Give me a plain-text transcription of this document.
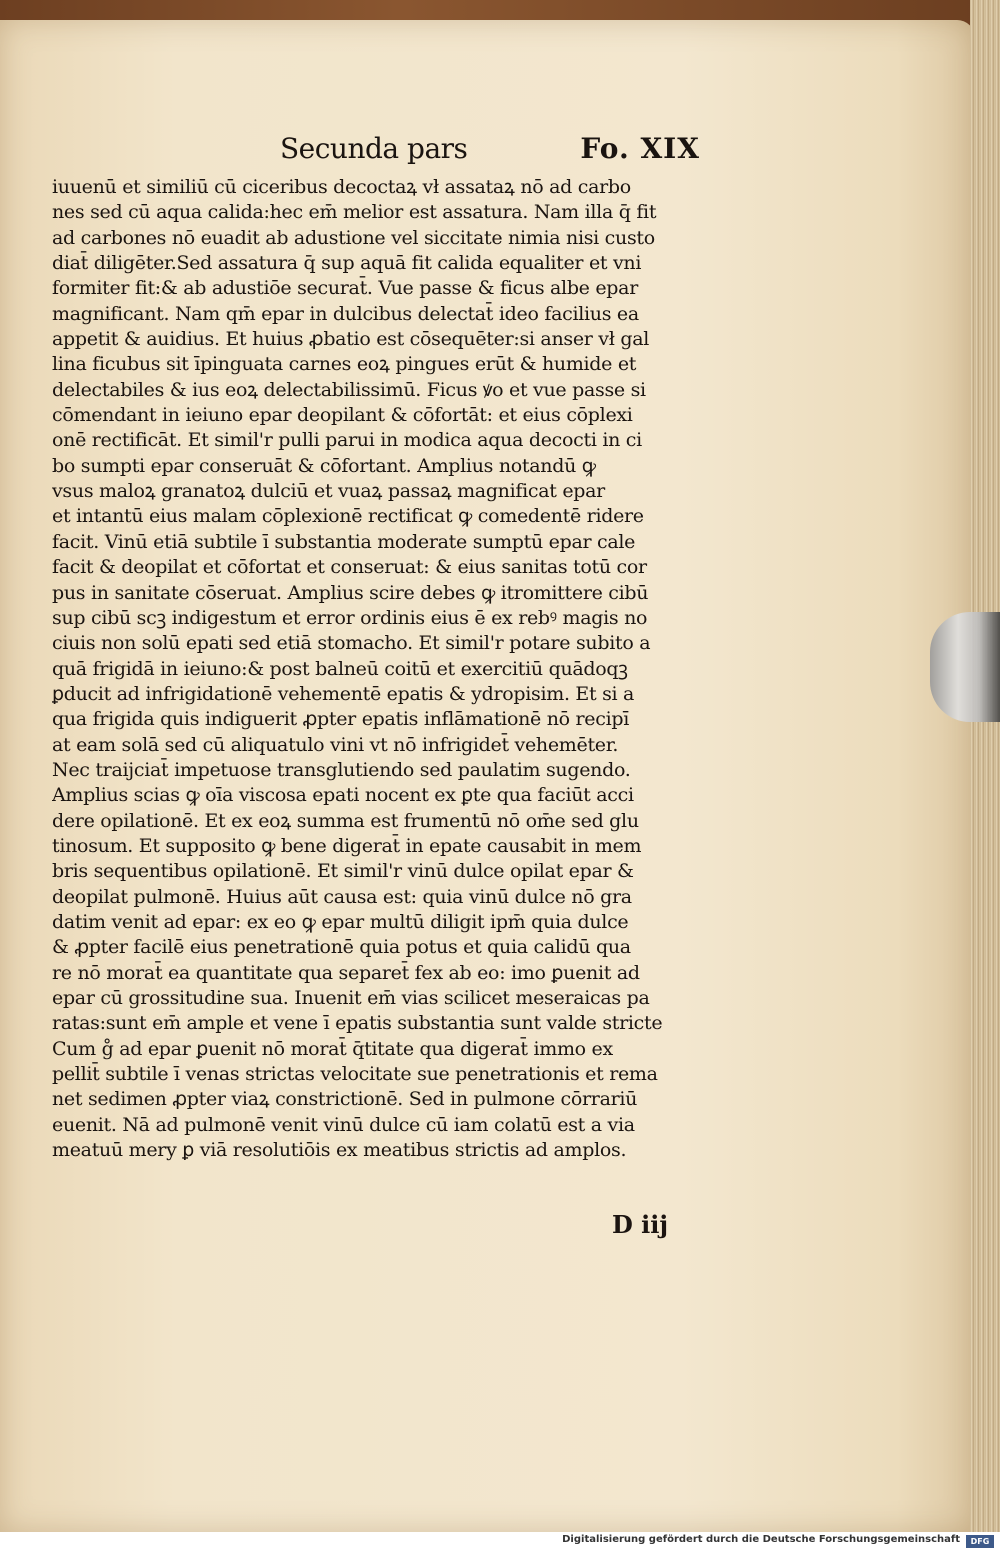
Secunda pars	Fo. XIX
iuuenū et similiū cū ciceribus decoctaꝝ vł assataꝝ nō ad carbo
nes sed cū aqua calida:hec em̄ melior est assatura. Nam illa q̄ fit
ad carbones nō euadit ab adustione vel siccitate nimia nisi custo
diat̄ diligēter.Sed assatura q̄ sup aquā fit calida equaliter et vni
formiter fit:& ab adustiōe securat̄. Vue passe & ficus albe epar
magnificant. Nam qm̄ epar in dulcibus delectat̄ ideo facilius ea
appetit & auidius. Et huius ꝓbatio est cōsequēter:si anser vł gal
lina ficubus sit īpinguata carnes eoꝝ pingues erūt & humide et
delectabiles & ius eoꝝ delectabilissimū. Ficus ꝟo et vue passe si
cōmendant in ieiuno epar deopilant & cōfortāt: et eius cōplexi
onē rectificāt. Et simil'r pulli parui in modica aqua decocti in ci
bo sumpti epar conseruāt & cōfortant. Amplius notandū ꝙ
vsus maloꝝ granatoꝝ dulciū et vuaꝝ passaꝝ magnificat epar
et intantū eius malam cōplexionē rectificat ꝙ comedentē ridere
facit. Vinū etiā subtile ī substantia moderate sumptū epar cale
facit & deopilat et cōfortat et conseruat: & eius sanitas totū cor
pus in sanitate cōseruat. Amplius scire debes ꝙ itromittere cibū
sup cibū scꝫ indigestum et error ordinis eius ē ex rebꝰ magis no
ciuis non solū epati sed etiā stomacho. Et simil'r potare subito a
quā frigidā in ieiuno:& post balneū coitū et exercitiū quādoqꝫ
ꝑducit ad infrigidationē vehementē epatis & ydropisim. Et si a
qua frigida quis indiguerit ꝓpter epatis inflāmationē nō recipī
at eam solā sed cū aliquatulo vini vt nō infrigidet̄ vehemēter.
Nec traijciat̄ impetuose transglutiendo sed paulatim sugendo.
Amplius scias ꝙ oīa viscosa epati nocent ex ꝑte qua faciūt acci
dere opilationē. Et ex eoꝝ summa est frumentū nō om̄e sed glu
tinosum. Et supposito ꝙ bene digerat̄ in epate causabit in mem
bris sequentibus opilationē. Et simil'r vinū dulce opilat epar &
deopilat pulmonē. Huius aūt causa est: quia vinū dulce nō gra
datim venit ad epar: ex eo ꝙ epar multū diligit ipm̄ quia dulce
& ꝓpter facilē eius penetrationē quia potus et quia calidū qua
re nō morat̄ ea quantitate qua separet̄ fex ab eo: imo ꝑuenit ad
epar cū grossitudine sua. Inuenit em̄ vias scilicet meseraicas pa
ratas:sunt em̄ ample et vene ī epatis substantia sunt valde stricte
Cum g̊ ad epar ꝑuenit nō morat̄ q̄titate qua digerat̄ immo ex
pellit̄ subtile ī venas strictas velocitate sue penetrationis et rema
net sedimen ꝓpter viaꝝ constrictionē. Sed in pulmone cōrrariū
euenit. Nā ad pulmonē venit vinū dulce cū iam colatū est a via
meatuū mery ꝑ viā resolutiōis ex meatibus strictis ad amplos.
D iij
Digitalisierung gefördert durch die Deutsche Forschungsgemeinschaft	DFG
